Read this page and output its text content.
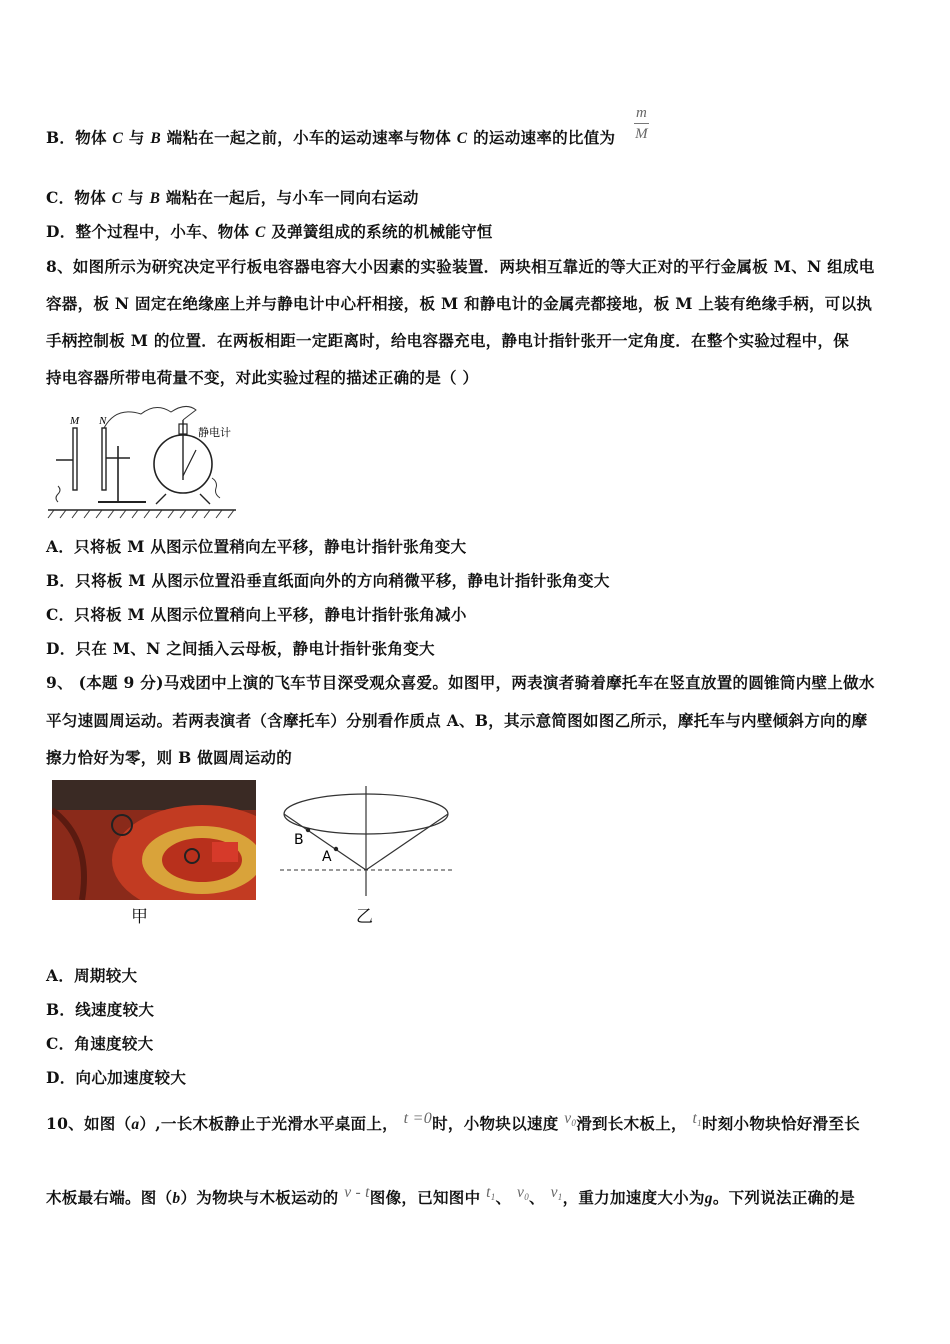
B．物体 C 与 B 端粘在一起之前，小车的运动速率与物体 C 的运动速率的比值为 $\frac{m}{M}$
C．物体 C 与 B 端粘在一起后，与小车一同向右运动
D．整个过程中，小车、物体 C 及弹簧组成的系统的机械能守恒
8、如图所示为研究决定平行板电容器电容大小因素的实验装置．两块相互靠近的等大正对的平行金属板 M、N 组成电
容器，板 N 固定在绝缘座上并与静电计中心杆相接，板 M 和静电计的金属壳都接地，板 M 上装有绝缘手柄，可以执
手柄控制板 M 的位置．在两板相距一定距离时，给电容器充电，静电计指针张开一定角度．在整个实验过程中，保
持电容器所带电荷量不变，对此实验过程的描述正确的是（ ）
M N
静电计
A．只将板 M 从图示位置稍向左平移，静电计指针张角变大
B．只将板 M 从图示位置沿垂直纸面向外的方向稍微平移，静电计指针张角变大
C．只将板 M 从图示位置稍向上平移，静电计指针张角减小
D．只在 M、N 之间插入云母板，静电计指针张角变大
9、 (本题 9 分)马戏团中上演的飞车节目深受观众喜爱。如图甲，两表演者骑着摩托车在竖直放置的圆锥筒内壁上做水
平匀速圆周运动。若两表演者（含摩托车）分别看作质点 A、B，其示意简图如图乙所示，摩托车与内壁倾斜方向的摩
擦力恰好为零，则 B 做圆周运动的
甲
B
A
乙
A．周期较大
B．线速度较大
C．角速度较大
D．向心加速度较大
10、如图（a）,一长木板静止于光滑水平桌面上， t =0时，小物块以速度 $v_0$滑到长木板上， $t_1$时刻小物块恰好滑至长
木板最右端。图（b）为物块与木板运动的 v - t图像，已知图中 $t_1$、 $v_0$、 $v_1$，重力加速度大小为g。下列说法正确的是
